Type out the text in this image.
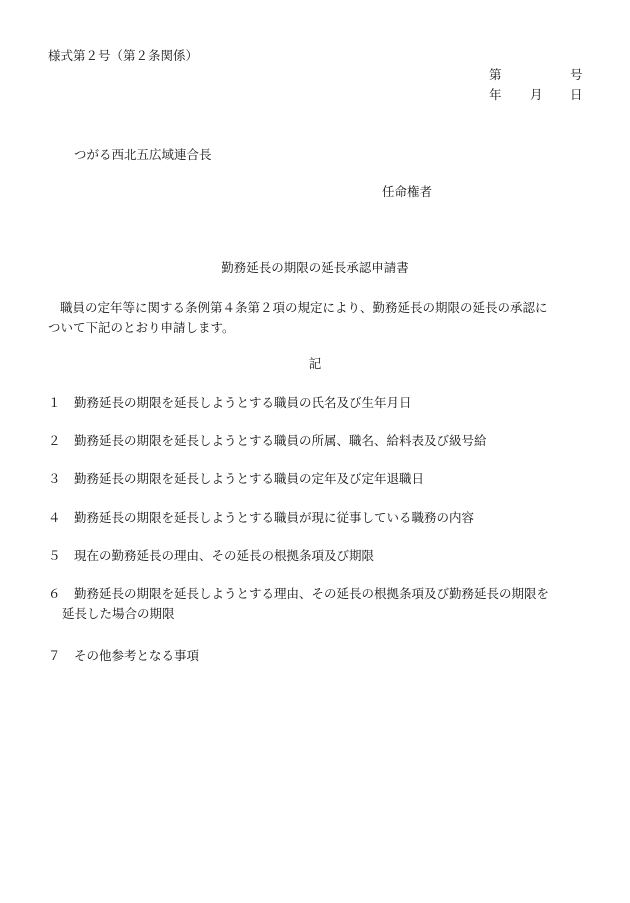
様式第２号（第２条関係）
第	号
年 月 日
つがる西北五広域連合長
任命権者
勤務延長の期限の延長承認申請書
職員の定年等に関する条例第４条第２項の規定により、勤務延長の期限の延長の承認に
ついて下記のとおり申請します。
記
１ 勤務延長の期限を延長しようとする職員の氏名及び生年月日
２ 勤務延長の期限を延長しようとする職員の所属、職名、給料表及び級号給
３ 勤務延長の期限を延長しようとする職員の定年及び定年退職日
４ 勤務延長の期限を延長しようとする職員が現に従事している職務の内容
５ 現在の勤務延長の理由、その延長の根拠条項及び期限
６ 勤務延長の期限を延長しようとする理由、その延長の根拠条項及び勤務延長の期限を
延長した場合の期限
７ その他参考となる事項
